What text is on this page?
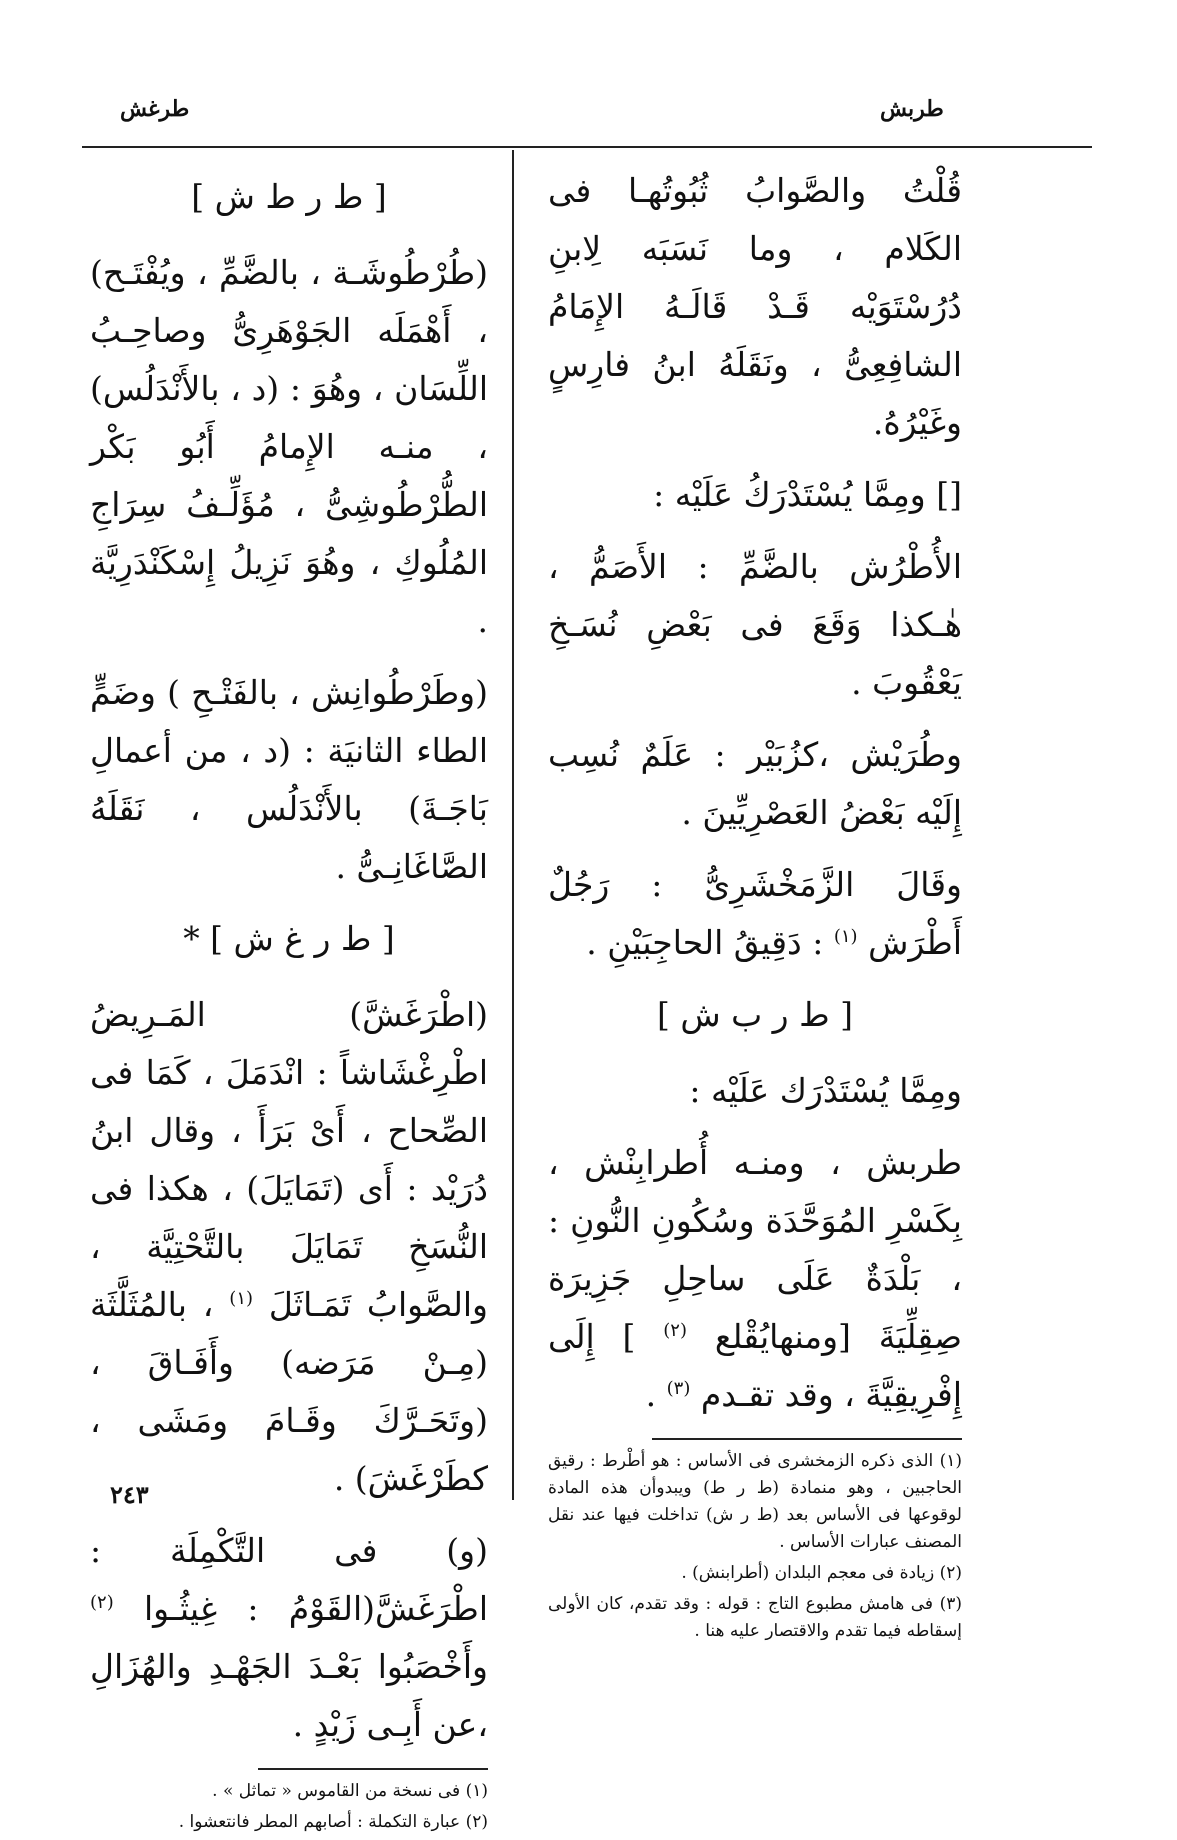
طرغش	طربش

قُلْتُ والصَّوابُ ثُبُوتُهـا فى الكَلام ، وما نَسَبَه لِابنِ دُرُسْتَوَيْه قَـدْ قَالَـهُ الإِمَامُ الشافِعِىُّ ، ونَقَلَهُ ابنُ فارِسٍ وغَيْرُهُ.

[] ومِمَّا يُسْتَدْرَكُ عَلَيْه :

الأُطْرُش بالضَّمِّ : الأَصَمُّ ، هٰـكذا وَقَعَ فى بَعْضِ نُسَـخِ يَعْقُوبَ .

وطُرَيْش ،كزُبَيْر : عَلَمٌ نُسِب إِلَيْه بَعْضُ العَصْرِيِّينَ .

وقَالَ الزَّمَخْشَرِىُّ : رَجُلٌ أَطْرَش $^{(١)}$ : دَقِيقُ الحاجِبَيْنِ .

[ ط ر ب ش ]

ومِمَّا يُسْتَدْرَك عَلَيْه :

طربش ، ومنـه أُطرابِنْش ، بِكَسْرِ المُوَحَّدَة وسُكُونِ النُّونِ : ، بَلْدَةٌ عَلَى ساحِلِ جَزِيرَة صِقِلِّيَةَ [ومنهايُقْلع $^{(٢)}$ ] إِلَى إِفْرِيقِيَّةَ ، وقد تقـدم $^{(٣)}$ .

(١) الذى ذكره الزمخشرى فى الأساس : هو أطْرط : رقيق الحاجبين ، وهو منمادة (ط ر ط) ويبدوأن هذه المادة لوقوعها فى الأساس بعد (ط ر ش) تداخلت فيها عند نقل المصنف عبارات الأساس .
(٢) زيادة فى معجم البلدان (أطرابنش) .
(٣) فى هامش مطبوع التاج : قوله : وقد تقدم، كان الأولى إسقاطه فيما تقدم والاقتصار عليه هنا .
[ ط ر ط ش ]

(طُرْطُوشَـة ، بالضَّمِّ ، ويُفْتَـح) ، أَهْمَلَه الجَوْهَرِىُّ وصاحِـبُ اللِّسَان ، وهُوَ : (د ، بالأَنْدَلُس) ، منـه الإِمامُ أَبُو بَكْر الطُّرْطُوشِىُّ ، مُؤَلِّـفُ سِرَاجِ المُلُوكِ ، وهُوَ نَزِيلُ إِسْكَنْدَرِيَّة .

(وطَرْطُوانِش ، بالفَتْـحِ ) وضَمٍّ الطاء الثانيَة : (د ، من أعمالِ بَاجَـةَ) بالأَنْدَلُس ، نَقَلَهُ الصَّاغَانِـىُّ .

[ ط ر غ ش ] *

(اطْرَغَشَّ) المَـرِيضُ اطْرِغْشَاشاً : انْدَمَلَ ، كَمَا فى الصِّحاح ، أَىْ بَرَأَ ، وقال ابنُ دُرَيْد : أَى (تَمَايَلَ) ، هكذا فى النُّسَخِ تَمَايَلَ بالتَّحْتِيَّة ، والصَّوابُ تَمَـاثَلَ $^{(١)}$ ، بالمُثَلَّثَة (مِـنْ مَرَضه) وأَفَـاقَ ، (وتَحَـرَّكَ وقَـامَ ومَشَى ، كطَرْغَشَ) .

(و) فى التَّكْمِلَة : اطْرَغَشَّ(القَوْمُ : غِيثُـوا $^{(٢)}$ وأَخْصَبُوا بَعْـدَ الجَهْـدِ والهُزَالِ ،عن أَبِـى زَيْدٍ .

(١) فى نسخة من القاموس « تماثل » .
(٢) عبارة التكملة : أصابهم المطر فانتعشوا .
٢٤٣
